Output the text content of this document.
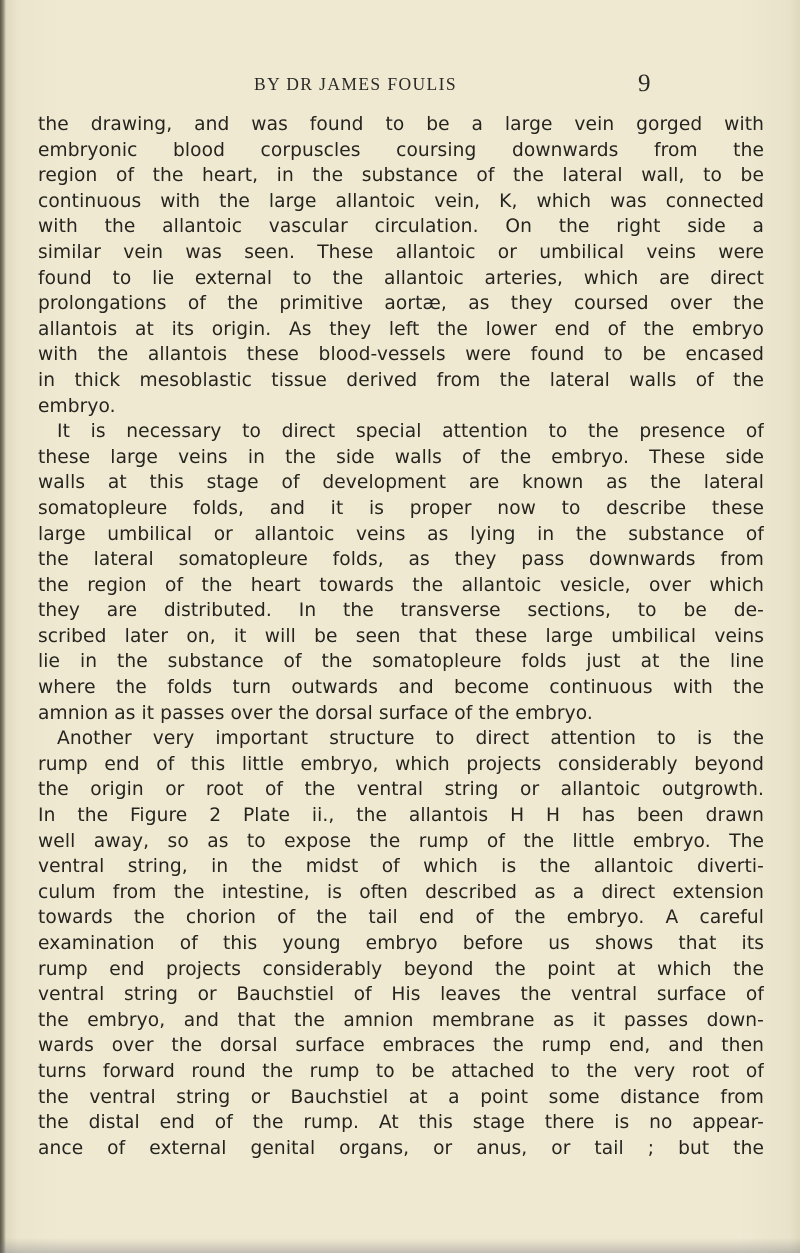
BY DR JAMES FOULIS	9
the drawing, and was found to be a large vein gorged with
embryonic blood corpuscles coursing downwards from the
region of the heart, in the substance of the lateral wall, to be
continuous with the large allantoic vein, K, which was connected
with the allantoic vascular circulation. On the right side a
similar vein was seen. These allantoic or umbilical veins were
found to lie external to the allantoic arteries, which are direct
prolongations of the primitive aortæ, as they coursed over the
allantois at its origin. As they left the lower end of the embryo
with the allantois these blood-vessels were found to be encased
in thick mesoblastic tissue derived from the lateral walls of the
embryo.
It is necessary to direct special attention to the presence of
these large veins in the side walls of the embryo. These side
walls at this stage of development are known as the lateral
somatopleure folds, and it is proper now to describe these
large umbilical or allantoic veins as lying in the substance of
the lateral somatopleure folds, as they pass downwards from
the region of the heart towards the allantoic vesicle, over which
they are distributed. In the transverse sections, to be de-
scribed later on, it will be seen that these large umbilical veins
lie in the substance of the somatopleure folds just at the line
where the folds turn outwards and become continuous with the
amnion as it passes over the dorsal surface of the embryo.
Another very important structure to direct attention to is the
rump end of this little embryo, which projects considerably beyond
the origin or root of the ventral string or allantoic outgrowth.
In the Figure 2 Plate ii., the allantois H H has been drawn
well away, so as to expose the rump of the little embryo. The
ventral string, in the midst of which is the allantoic diverti-
culum from the intestine, is often described as a direct extension
towards the chorion of the tail end of the embryo. A careful
examination of this young embryo before us shows that its
rump end projects considerably beyond the point at which the
ventral string or Bauchstiel of His leaves the ventral surface of
the embryo, and that the amnion membrane as it passes down-
wards over the dorsal surface embraces the rump end, and then
turns forward round the rump to be attached to the very root of
the ventral string or Bauchstiel at a point some distance from
the distal end of the rump. At this stage there is no appear-
ance of external genital organs, or anus, or tail ; but the
